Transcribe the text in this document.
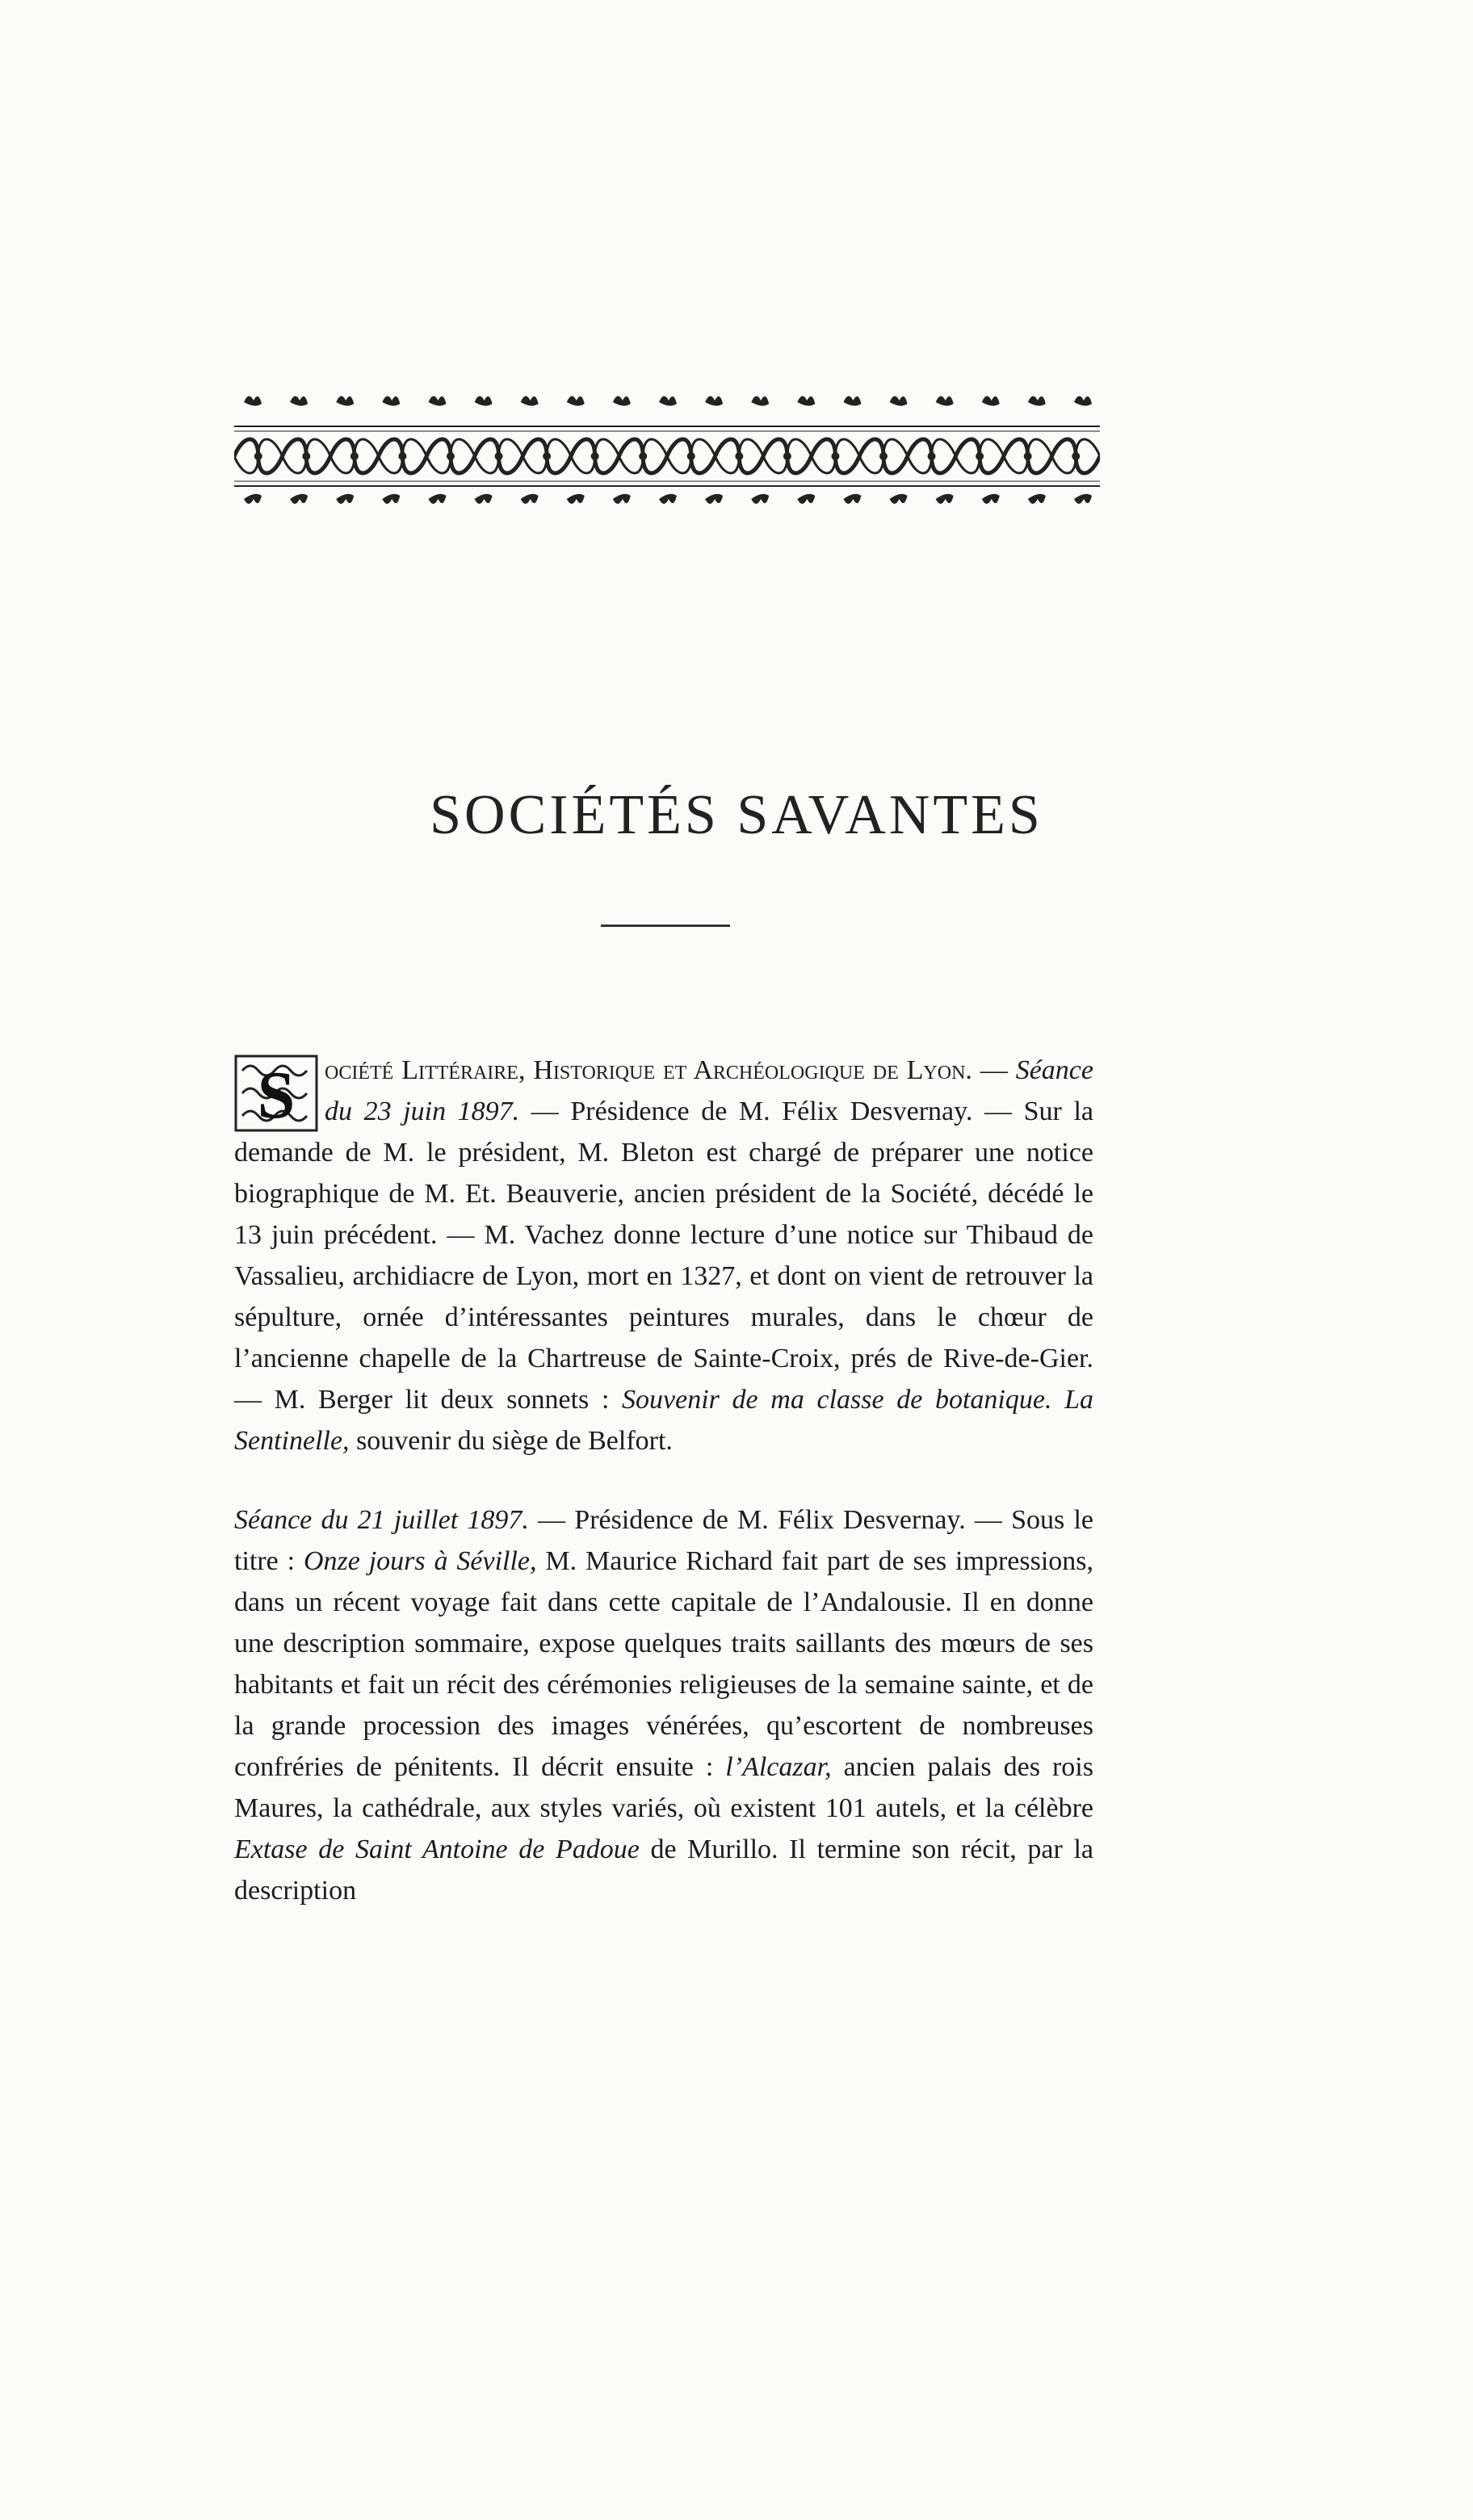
SOCIÉTÉS SAVANTES

S ociété Littéraire, Historique et Archéologique de Lyon. — Séance du 23 juin 1897. — Présidence de M. Félix Desvernay. — Sur la demande de M. le président, M. Bleton est chargé de préparer une notice biographique de M. Et. Beauverie, ancien président de la Société, décédé le 13 juin précédent. — M. Vachez donne lecture d’une notice sur Thibaud de Vassalieu, archidiacre de Lyon, mort en 1327, et dont on vient de retrouver la sépulture, ornée d’intéressantes peintures murales, dans le chœur de l’ancienne chapelle de la Chartreuse de Sainte-Croix, prés de Rive-de-Gier. — M. Berger lit deux sonnets : Souvenir de ma classe de botanique. La Sentinelle, souvenir du siège de Belfort.

Séance du 21 juillet 1897. — Présidence de M. Félix Desvernay. — Sous le titre : Onze jours à Séville, M. Maurice Richard fait part de ses impressions, dans un récent voyage fait dans cette capitale de l’Andalousie. Il en donne une description sommaire, expose quelques traits saillants des mœurs de ses habitants et fait un récit des cérémonies religieuses de la semaine sainte, et de la grande procession des images vénérées, qu’escortent de nombreuses confréries de pénitents. Il décrit ensuite : l’Alcazar, ancien palais des rois Maures, la cathédrale, aux styles variés, où existent 101 autels, et la célèbre Extase de Saint Antoine de Padoue de Murillo. Il termine son récit, par la description
